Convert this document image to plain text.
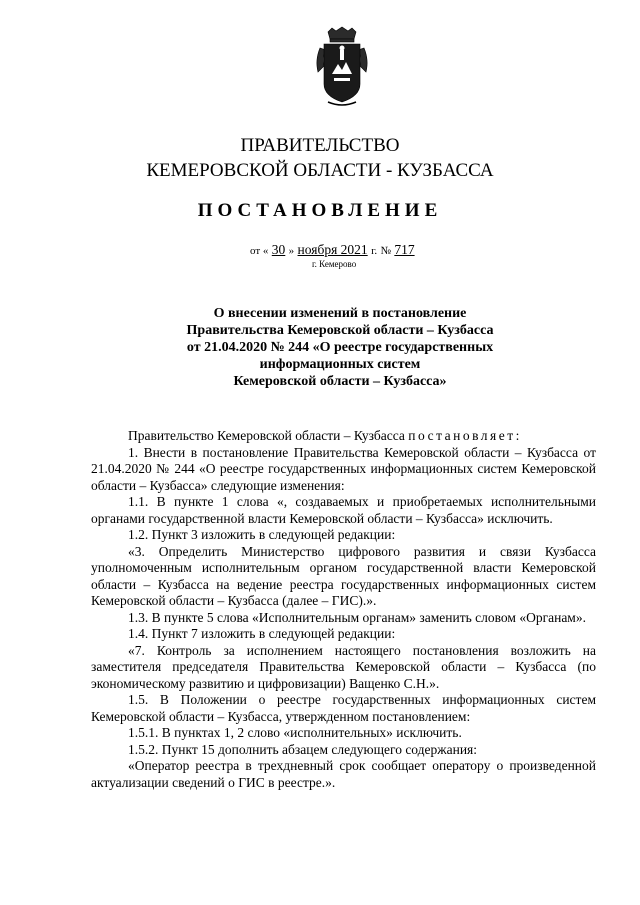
ПРАВИТЕЛЬСТВО
КЕМЕРОВСКОЙ ОБЛАСТИ - КУЗБАССА
ПОСТАНОВЛЕНИЕ
от « 30 » ноября 2021 г. № 717
г. Кемерово

О внесении изменений в постановление
Правительства Кемеровской области – Кузбасса
от 21.04.2020 № 244 «О реестре государственных
информационных систем
Кемеровской области – Кузбасса»

Правительство Кемеровской области – Кузбасса постановляет:

1. Внести в постановление Правительства Кемеровской области – Кузбасса от 21.04.2020 № 244 «О реестре государственных информационных систем Кемеровской области – Кузбасса» следующие изменения:

1.1. В пункте 1 слова «, создаваемых и приобретаемых исполнительными органами государственной власти Кемеровской области – Кузбасса» исключить.

1.2. Пункт 3 изложить в следующей редакции:

«3. Определить Министерство цифрового развития и связи Кузбасса уполномоченным исполнительным органом государственной власти Кемеровской области – Кузбасса на ведение реестра государственных информационных систем Кемеровской области – Кузбасса (далее – ГИС).».

1.3. В пункте 5 слова «Исполнительным органам» заменить словом «Органам».

1.4. Пункт 7 изложить в следующей редакции:

«7. Контроль за исполнением настоящего постановления возложить на заместителя председателя Правительства Кемеровской области – Кузбасса (по экономическому развитию и цифровизации) Ващенко С.Н.».

1.5. В Положении о реестре государственных информационных систем Кемеровской области – Кузбасса, утвержденном постановлением:

1.5.1. В пунктах 1, 2 слово «исполнительных» исключить.

1.5.2. Пункт 15 дополнить абзацем следующего содержания:

«Оператор реестра в трехдневный срок сообщает оператору о произведенной актуализации сведений о ГИС в реестре.».
